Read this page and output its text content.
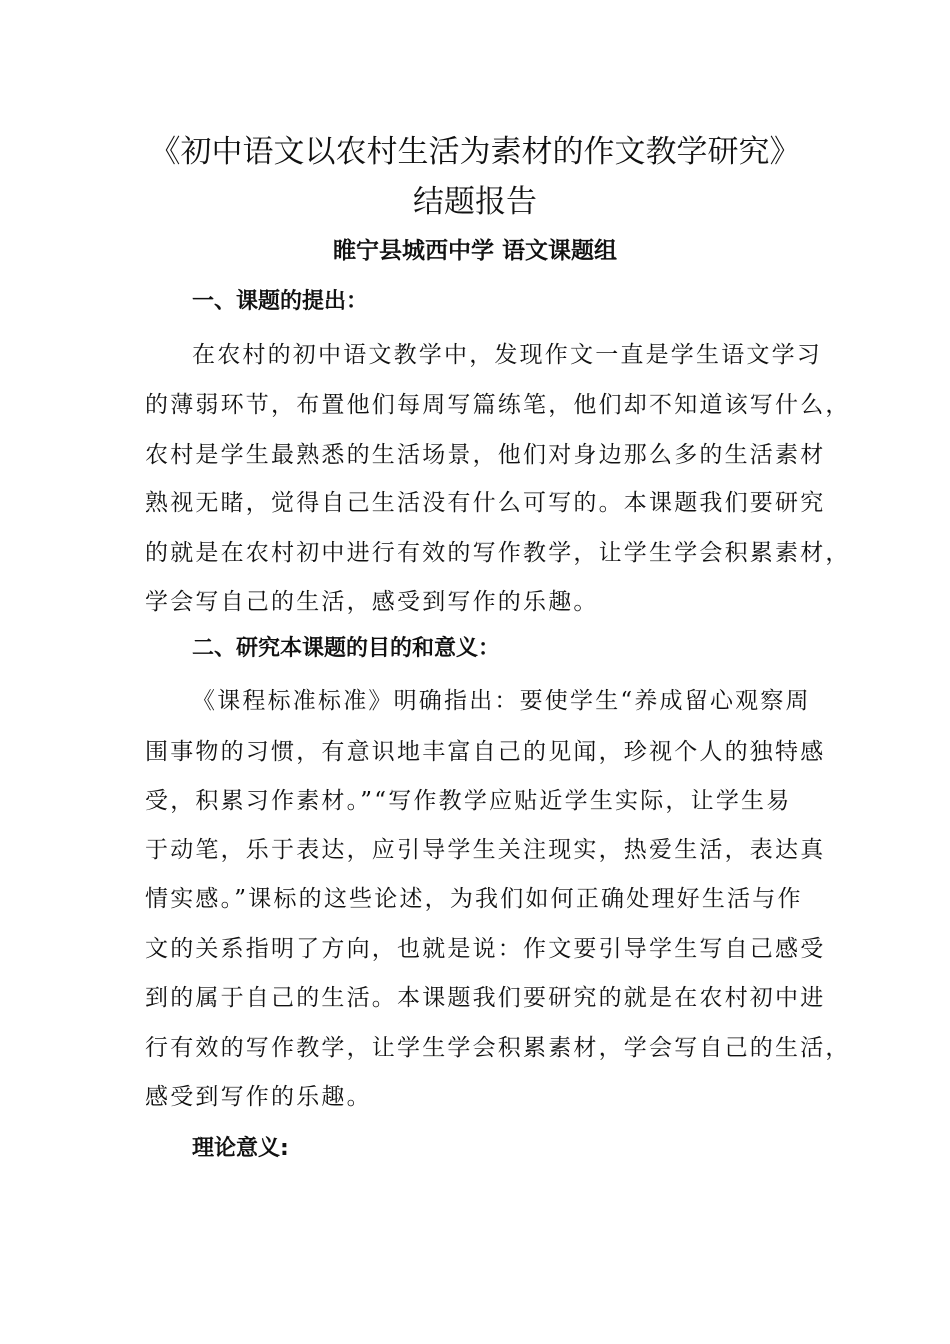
《初中语文以农村生活为素材的作文教学研究》
结题报告
睢宁县城西中学 语文课题组
一、课题的提出：
在农村的初中语文教学中，发现作文一直是学生语文学习
的薄弱环节，布置他们每周写篇练笔，他们却不知道该写什么，
农村是学生最熟悉的生活场景，他们对身边那么多的生活素材
熟视无睹，觉得自己生活没有什么可写的。本课题我们要研究
的就是在农村初中进行有效的写作教学，让学生学会积累素材，
学会写自己的生活，感受到写作的乐趣。
二、研究本课题的目的和意义：
《课程标准标准》明确指出：要使学生“养成留心观察周
围事物的习惯，有意识地丰富自己的见闻，珍视个人的独特感
受，积累习作素材。”“写作教学应贴近学生实际，让学生易
于动笔，乐于表达，应引导学生关注现实，热爱生活，表达真
情实感。”课标的这些论述，为我们如何正确处理好生活与作
文的关系指明了方向，也就是说：作文要引导学生写自己感受
到的属于自己的生活。本课题我们要研究的就是在农村初中进
行有效的写作教学，让学生学会积累素材，学会写自己的生活，
感受到写作的乐趣。
理论意义:
